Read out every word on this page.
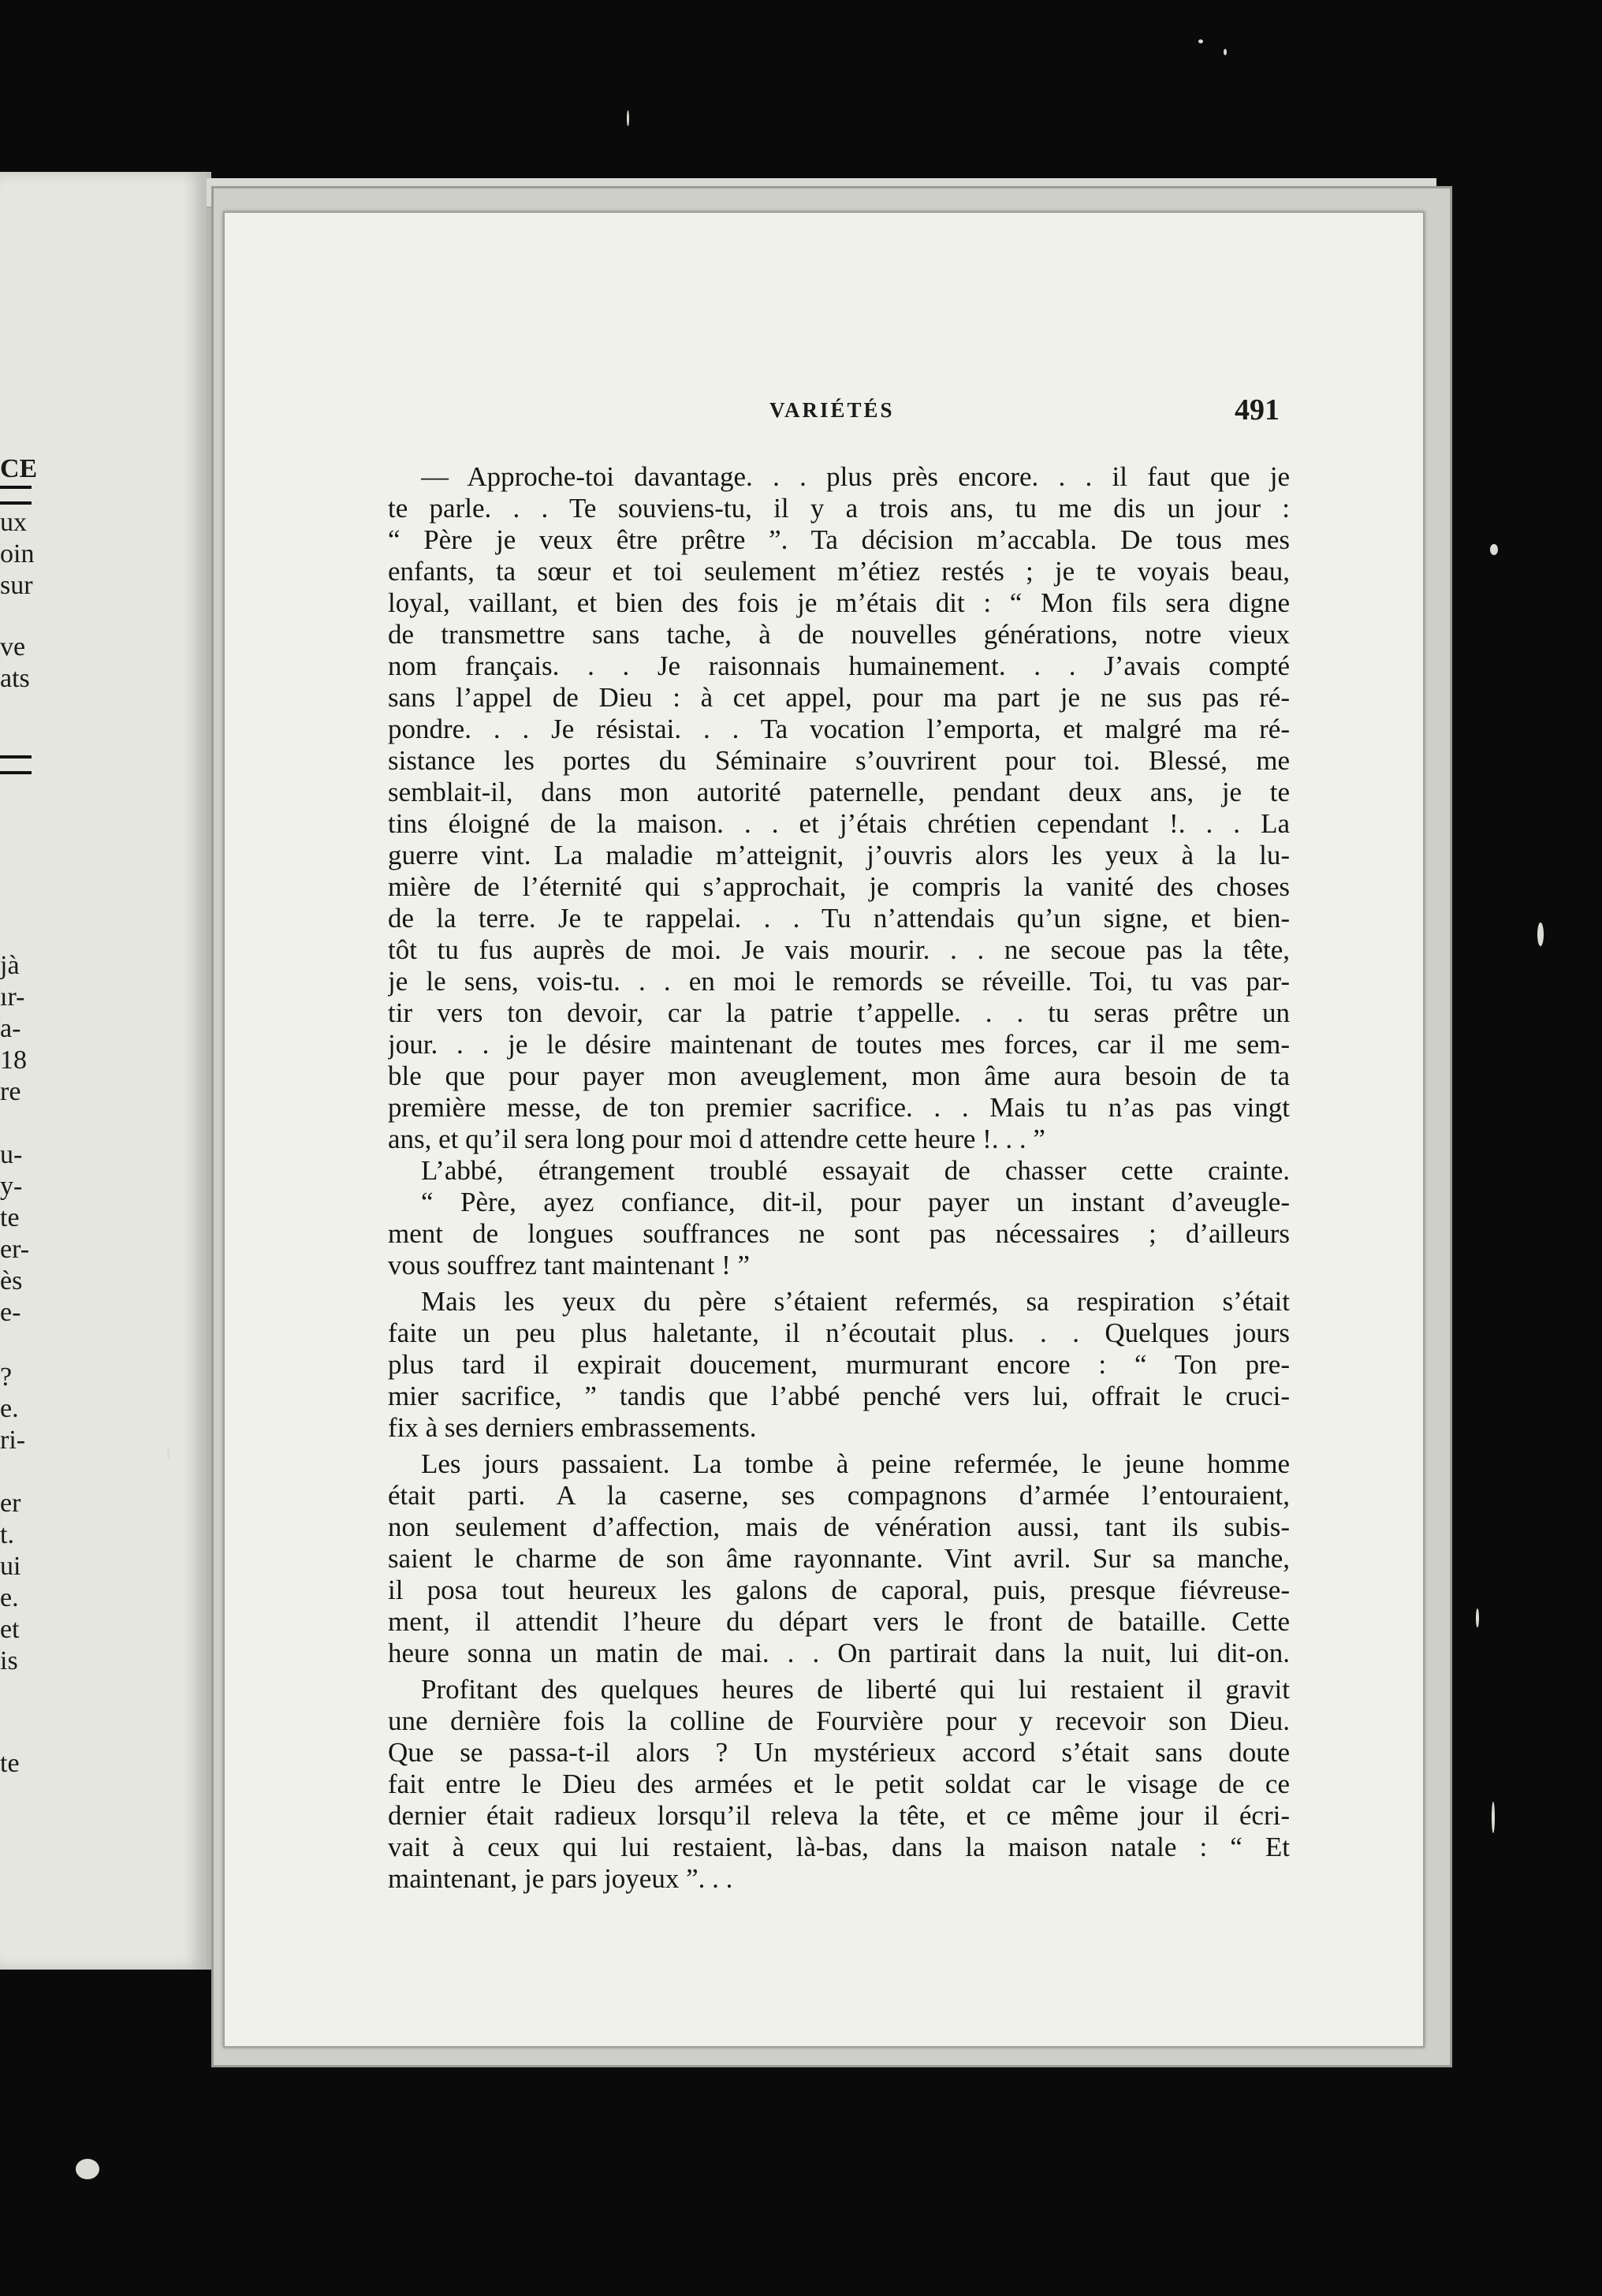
CE
ux
oin
sur
ve
ats
jà
ır-
a-
18
re
u-
y-
te
er-
ès
e-
?
e.
ri-
er
t.
ui
e.
et
is
te
VARIÉTÉS	491
— Approche-toi davantage. . . plus près encore. . . il faut que je
te parle. . . Te souviens-tu, il y a trois ans, tu me dis un jour :
“ Père je veux être prêtre ”. Ta décision m’accabla. De tous mes
enfants, ta sœur et toi seulement m’étiez restés ; je te voyais beau,
loyal, vaillant, et bien des fois je m’étais dit : “ Mon fils sera digne
de transmettre sans tache, à de nouvelles générations, notre vieux
nom français. . . Je raisonnais humainement. . . J’avais compté
sans l’appel de Dieu : à cet appel, pour ma part je ne sus pas ré-
pondre. . . Je résistai. . . Ta vocation l’emporta, et malgré ma ré-
sistance les portes du Séminaire s’ouvrirent pour toi. Blessé, me
semblait-il, dans mon autorité paternelle, pendant deux ans, je te
tins éloigné de la maison. . . et j’étais chrétien cependant !. . . La
guerre vint. La maladie m’atteignit, j’ouvris alors les yeux à la lu-
mière de l’éternité qui s’approchait, je compris la vanité des choses
de la terre. Je te rappelai. . . Tu n’attendais qu’un signe, et bien-
tôt tu fus auprès de moi. Je vais mourir. . . ne secoue pas la tête,
je le sens, vois-tu. . . en moi le remords se réveille. Toi, tu vas par-
tir vers ton devoir, car la patrie t’appelle. . . tu seras prêtre un
jour. . . je le désire maintenant de toutes mes forces, car il me sem-
ble que pour payer mon aveuglement, mon âme aura besoin de ta
première messe, de ton premier sacrifice. . . Mais tu n’as pas vingt
ans, et qu’il sera long pour moi d attendre cette heure !. . . ”
L’abbé, étrangement troublé essayait de chasser cette crainte.
“ Père, ayez confiance, dit-il, pour payer un instant d’aveugle-
ment de longues souffrances ne sont pas nécessaires ; d’ailleurs
vous souffrez tant maintenant ! ”
Mais les yeux du père s’étaient refermés, sa respiration s’était
faite un peu plus haletante, il n’écoutait plus. . . Quelques jours
plus tard il expirait doucement, murmurant encore : “ Ton pre-
mier sacrifice, ” tandis que l’abbé penché vers lui, offrait le cruci-
fix à ses derniers embrassements.
Les jours passaient. La tombe à peine refermée, le jeune homme
était parti. A la caserne, ses compagnons d’armée l’entouraient,
non seulement d’affection, mais de vénération aussi, tant ils subis-
saient le charme de son âme rayonnante. Vint avril. Sur sa manche,
il posa tout heureux les galons de caporal, puis, presque fiévreuse-
ment, il attendit l’heure du départ vers le front de bataille. Cette
heure sonna un matin de mai. . . On partirait dans la nuit, lui dit-on.
Profitant des quelques heures de liberté qui lui restaient il gravit
une dernière fois la colline de Fourvière pour y recevoir son Dieu.
Que se passa-t-il alors ? Un mystérieux accord s’était sans doute
fait entre le Dieu des armées et le petit soldat car le visage de ce
dernier était radieux lorsqu’il releva la tête, et ce même jour il écri-
vait à ceux qui lui restaient, là-bas, dans la maison natale : “ Et
maintenant, je pars joyeux ”. . .
